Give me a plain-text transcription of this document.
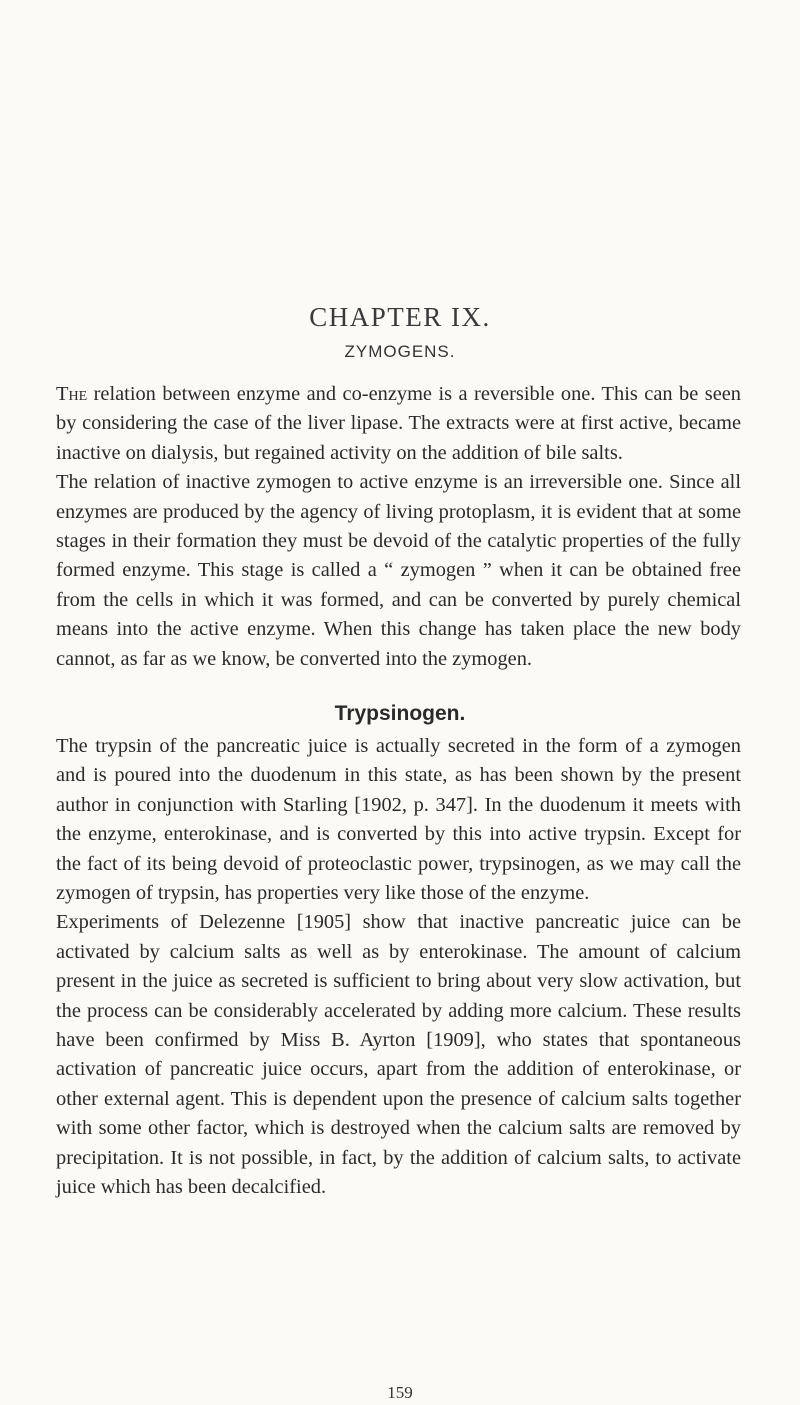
CHAPTER IX.
ZYMOGENS.

The relation between enzyme and co-enzyme is a reversible one. This can be seen by considering the case of the liver lipase. The extracts were at first active, became inactive on dialysis, but regained activity on the addition of bile salts.

The relation of inactive zymogen to active enzyme is an irreversible one. Since all enzymes are produced by the agency of living protoplasm, it is evident that at some stages in their formation they must be devoid of the catalytic properties of the fully formed enzyme. This stage is called a “ zymogen ” when it can be obtained free from the cells in which it was formed, and can be converted by purely chemical means into the active enzyme. When this change has taken place the new body cannot, as far as we know, be converted into the zymogen.

Trypsinogen.

The trypsin of the pancreatic juice is actually secreted in the form of a zymogen and is poured into the duodenum in this state, as has been shown by the present author in conjunction with Starling [1902, p. 347]. In the duodenum it meets with the enzyme, enterokinase, and is converted by this into active trypsin. Except for the fact of its being devoid of proteoclastic power, trypsinogen, as we may call the zymogen of trypsin, has properties very like those of the enzyme.

Experiments of Delezenne [1905] show that inactive pancreatic juice can be activated by calcium salts as well as by enterokinase. The amount of calcium present in the juice as secreted is sufficient to bring about very slow activation, but the process can be considerably accelerated by adding more calcium. These results have been confirmed by Miss B. Ayrton [1909], who states that spontaneous activation of pancreatic juice occurs, apart from the addition of enterokinase, or other external agent. This is dependent upon the presence of calcium salts together with some other factor, which is destroyed when the calcium salts are removed by precipitation. It is not possible, in fact, by the addition of calcium salts, to activate juice which has been decalcified.

159
